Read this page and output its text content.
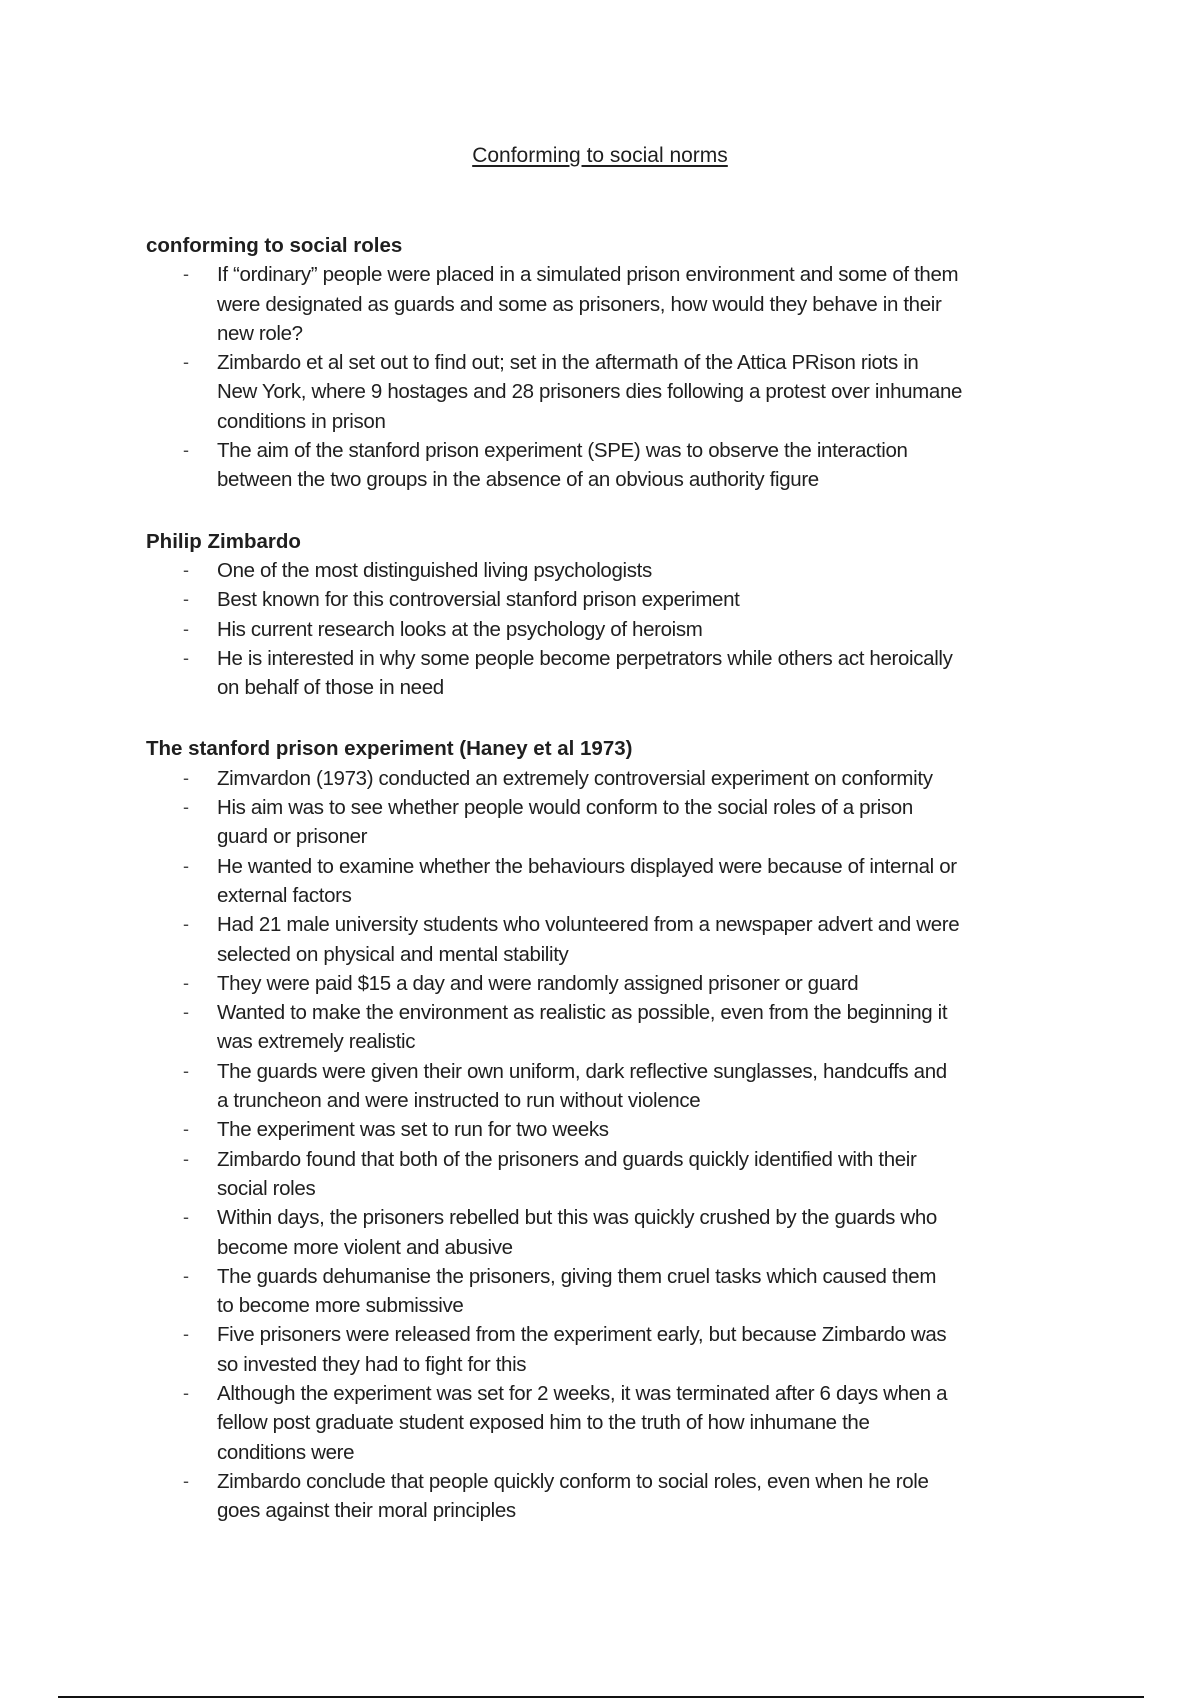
Conforming to social norms
conforming to social roles
- If “ordinary” people were placed in a simulated prison environment and some of them
were designated as guards and some as prisoners, how would they behave in their
new role?
- Zimbardo et al set out to find out; set in the aftermath of the Attica PRison riots in
New York, where 9 hostages and 28 prisoners dies following a protest over inhumane
conditions in prison
- The aim of the stanford prison experiment (SPE) was to observe the interaction
between the two groups in the absence of an obvious authority figure
Philip Zimbardo
- One of the most distinguished living psychologists
- Best known for this controversial stanford prison experiment
- His current research looks at the psychology of heroism
- He is interested in why some people become perpetrators while others act heroically
on behalf of those in need
The stanford prison experiment (Haney et al 1973)
- Zimvardon (1973) conducted an extremely controversial experiment on conformity
- His aim was to see whether people would conform to the social roles of a prison
guard or prisoner
- He wanted to examine whether the behaviours displayed were because of internal or
external factors
- Had 21 male university students who volunteered from a newspaper advert and were
selected on physical and mental stability
- They were paid $15 a day and were randomly assigned prisoner or guard
- Wanted to make the environment as realistic as possible, even from the beginning it
was extremely realistic
- The guards were given their own uniform, dark reflective sunglasses, handcuffs and
a truncheon and were instructed to run without violence
- The experiment was set to run for two weeks
- Zimbardo found that both of the prisoners and guards quickly identified with their
social roles
- Within days, the prisoners rebelled but this was quickly crushed by the guards who
become more violent and abusive
- The guards dehumanise the prisoners, giving them cruel tasks which caused them
to become more submissive
- Five prisoners were released from the experiment early, but because Zimbardo was
so invested they had to fight for this
- Although the experiment was set for 2 weeks, it was terminated after 6 days when a
fellow post graduate student exposed him to the truth of how inhumane the
conditions were
- Zimbardo conclude that people quickly conform to social roles, even when he role
goes against their moral principles
